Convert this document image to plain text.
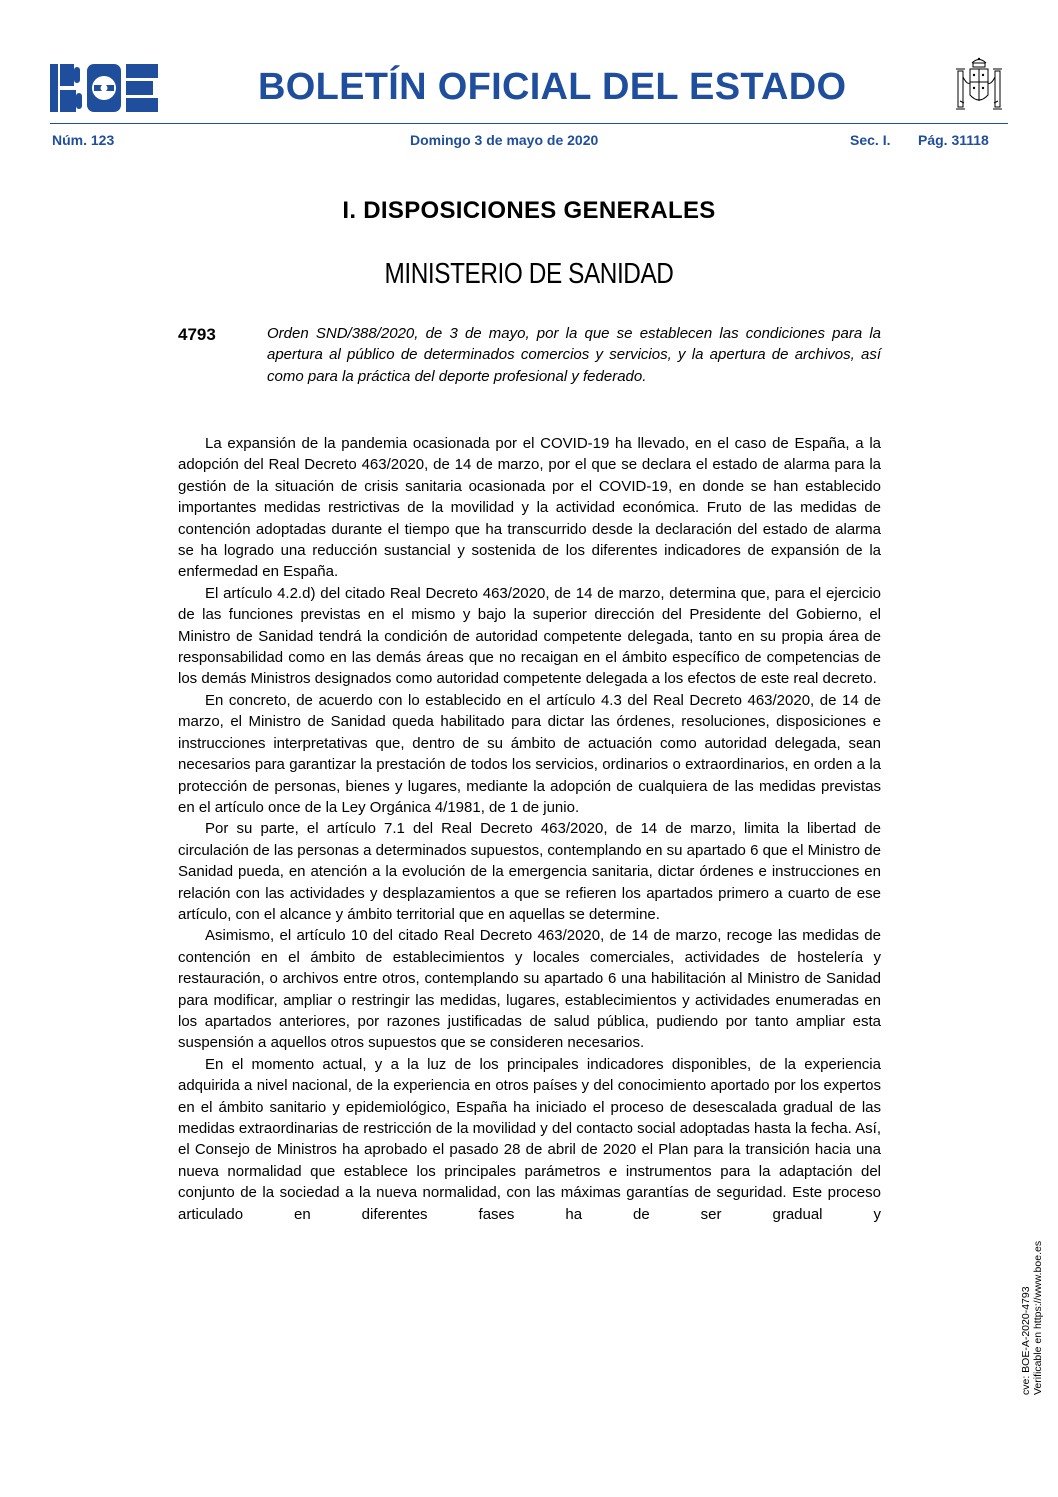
BOLETÍN OFICIAL DEL ESTADO
Núm. 123	Domingo 3 de mayo de 2020	Sec. I. Pág. 31118
I. DISPOSICIONES GENERALES
MINISTERIO DE SANIDAD
4793	Orden SND/388/2020, de 3 de mayo, por la que se establecen las condiciones para la apertura al público de determinados comercios y servicios, y la apertura de archivos, así como para la práctica del deporte profesional y federado.

La expansión de la pandemia ocasionada por el COVID-19 ha llevado, en el caso de España, a la adopción del Real Decreto 463/2020, de 14 de marzo, por el que se declara el estado de alarma para la gestión de la situación de crisis sanitaria ocasionada por el COVID-19, en donde se han establecido importantes medidas restrictivas de la movilidad y la actividad económica. Fruto de las medidas de contención adoptadas durante el tiempo que ha transcurrido desde la declaración del estado de alarma se ha logrado una reducción sustancial y sostenida de los diferentes indicadores de expansión de la enfermedad en España.

El artículo 4.2.d) del citado Real Decreto 463/2020, de 14 de marzo, determina que, para el ejercicio de las funciones previstas en el mismo y bajo la superior dirección del Presidente del Gobierno, el Ministro de Sanidad tendrá la condición de autoridad competente delegada, tanto en su propia área de responsabilidad como en las demás áreas que no recaigan en el ámbito específico de competencias de los demás Ministros designados como autoridad competente delegada a los efectos de este real decreto.

En concreto, de acuerdo con lo establecido en el artículo 4.3 del Real Decreto 463/2020, de 14 de marzo, el Ministro de Sanidad queda habilitado para dictar las órdenes, resoluciones, disposiciones e instrucciones interpretativas que, dentro de su ámbito de actuación como autoridad delegada, sean necesarios para garantizar la prestación de todos los servicios, ordinarios o extraordinarios, en orden a la protección de personas, bienes y lugares, mediante la adopción de cualquiera de las medidas previstas en el artículo once de la Ley Orgánica 4/1981, de 1 de junio.

Por su parte, el artículo 7.1 del Real Decreto 463/2020, de 14 de marzo, limita la libertad de circulación de las personas a determinados supuestos, contemplando en su apartado 6 que el Ministro de Sanidad pueda, en atención a la evolución de la emergencia sanitaria, dictar órdenes e instrucciones en relación con las actividades y desplazamientos a que se refieren los apartados primero a cuarto de ese artículo, con el alcance y ámbito territorial que en aquellas se determine.

Asimismo, el artículo 10 del citado Real Decreto 463/2020, de 14 de marzo, recoge las medidas de contención en el ámbito de establecimientos y locales comerciales, actividades de hostelería y restauración, o archivos entre otros, contemplando su apartado 6 una habilitación al Ministro de Sanidad para modificar, ampliar o restringir las medidas, lugares, establecimientos y actividades enumeradas en los apartados anteriores, por razones justificadas de salud pública, pudiendo por tanto ampliar esta suspensión a aquellos otros supuestos que se consideren necesarios.

En el momento actual, y a la luz de los principales indicadores disponibles, de la experiencia adquirida a nivel nacional, de la experiencia en otros países y del conocimiento aportado por los expertos en el ámbito sanitario y epidemiológico, España ha iniciado el proceso de desescalada gradual de las medidas extraordinarias de restricción de la movilidad y del contacto social adoptadas hasta la fecha. Así, el Consejo de Ministros ha aprobado el pasado 28 de abril de 2020 el Plan para la transición hacia una nueva normalidad que establece los principales parámetros e instrumentos para la adaptación del conjunto de la sociedad a la nueva normalidad, con las máximas garantías de seguridad. Este proceso articulado en diferentes fases ha de ser gradual y

cve: BOE-A-2020-4793 Verificable en https://www.boe.es
